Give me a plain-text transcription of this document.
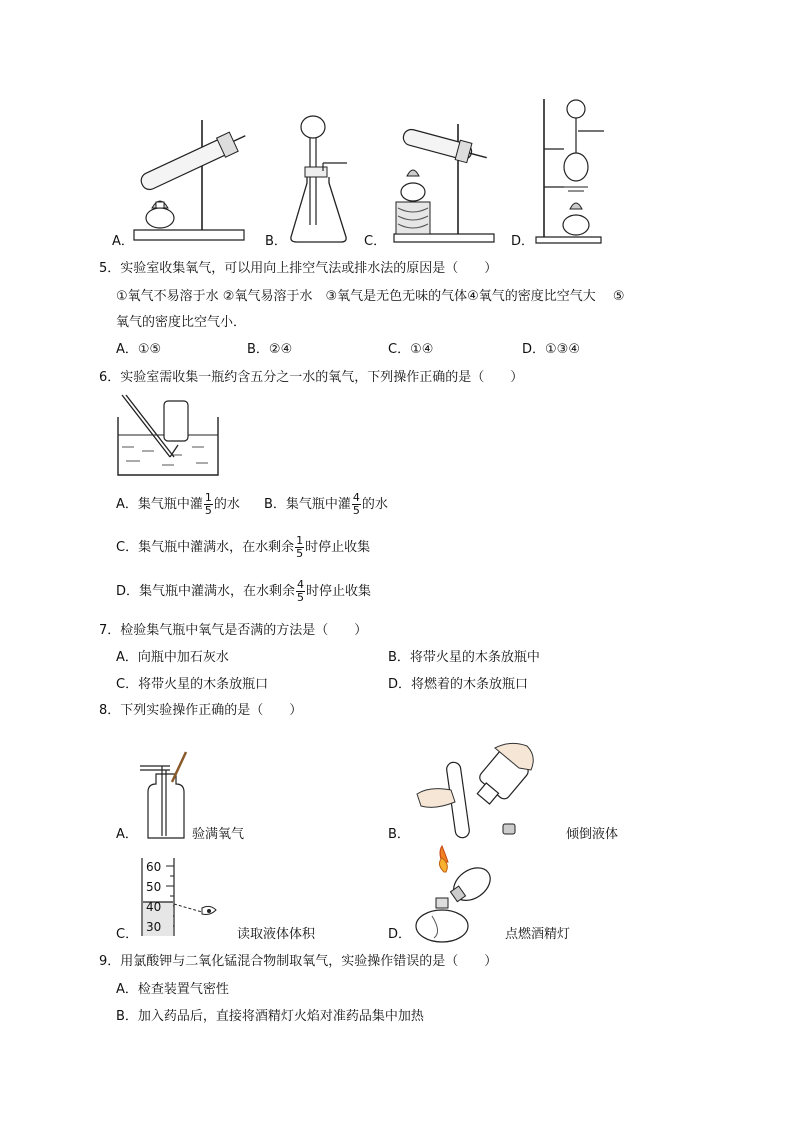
A．	B．	C．	D．
5．实验室收集氧气，可以用向上排空气法或排水法的原因是（　　）
①氧气不易溶于水 ②氧气易溶于水　③氧气是无色无味的气体④氧气的密度比空气大　 ⑤
氧气的密度比空气小．
A．①⑤	B．②④	C．①④	D．①③④
6．实验室需收集一瓶约含五分之一水的氧气，下列操作正确的是（　　）
A．集气瓶中灌 $\frac{1}{5}$ 的水 B．集气瓶中灌 $\frac{4}{5}$ 的水
C．集气瓶中灌满水，在水剩余 $\frac{1}{5}$ 时停止收集
D．集气瓶中灌满水，在水剩余 $\frac{4}{5}$ 时停止收集
7．检验集气瓶中氧气是否满的方法是（　　）
A．向瓶中加石灰水	B．将带火星的木条放瓶中
C．将带火星的木条放瓶口	D．将燃着的木条放瓶口
8．下列实验操作正确的是（　　）
A．	验满氧气	B．	倾倒液体
60
50
40
30
C．	读取液体体积	D．	点燃酒精灯
9．用氯酸钾与二氧化锰混合物制取氧气，实验操作错误的是（　　）
A．检查装置气密性
B．加入药品后，直接将酒精灯火焰对准药品集中加热
